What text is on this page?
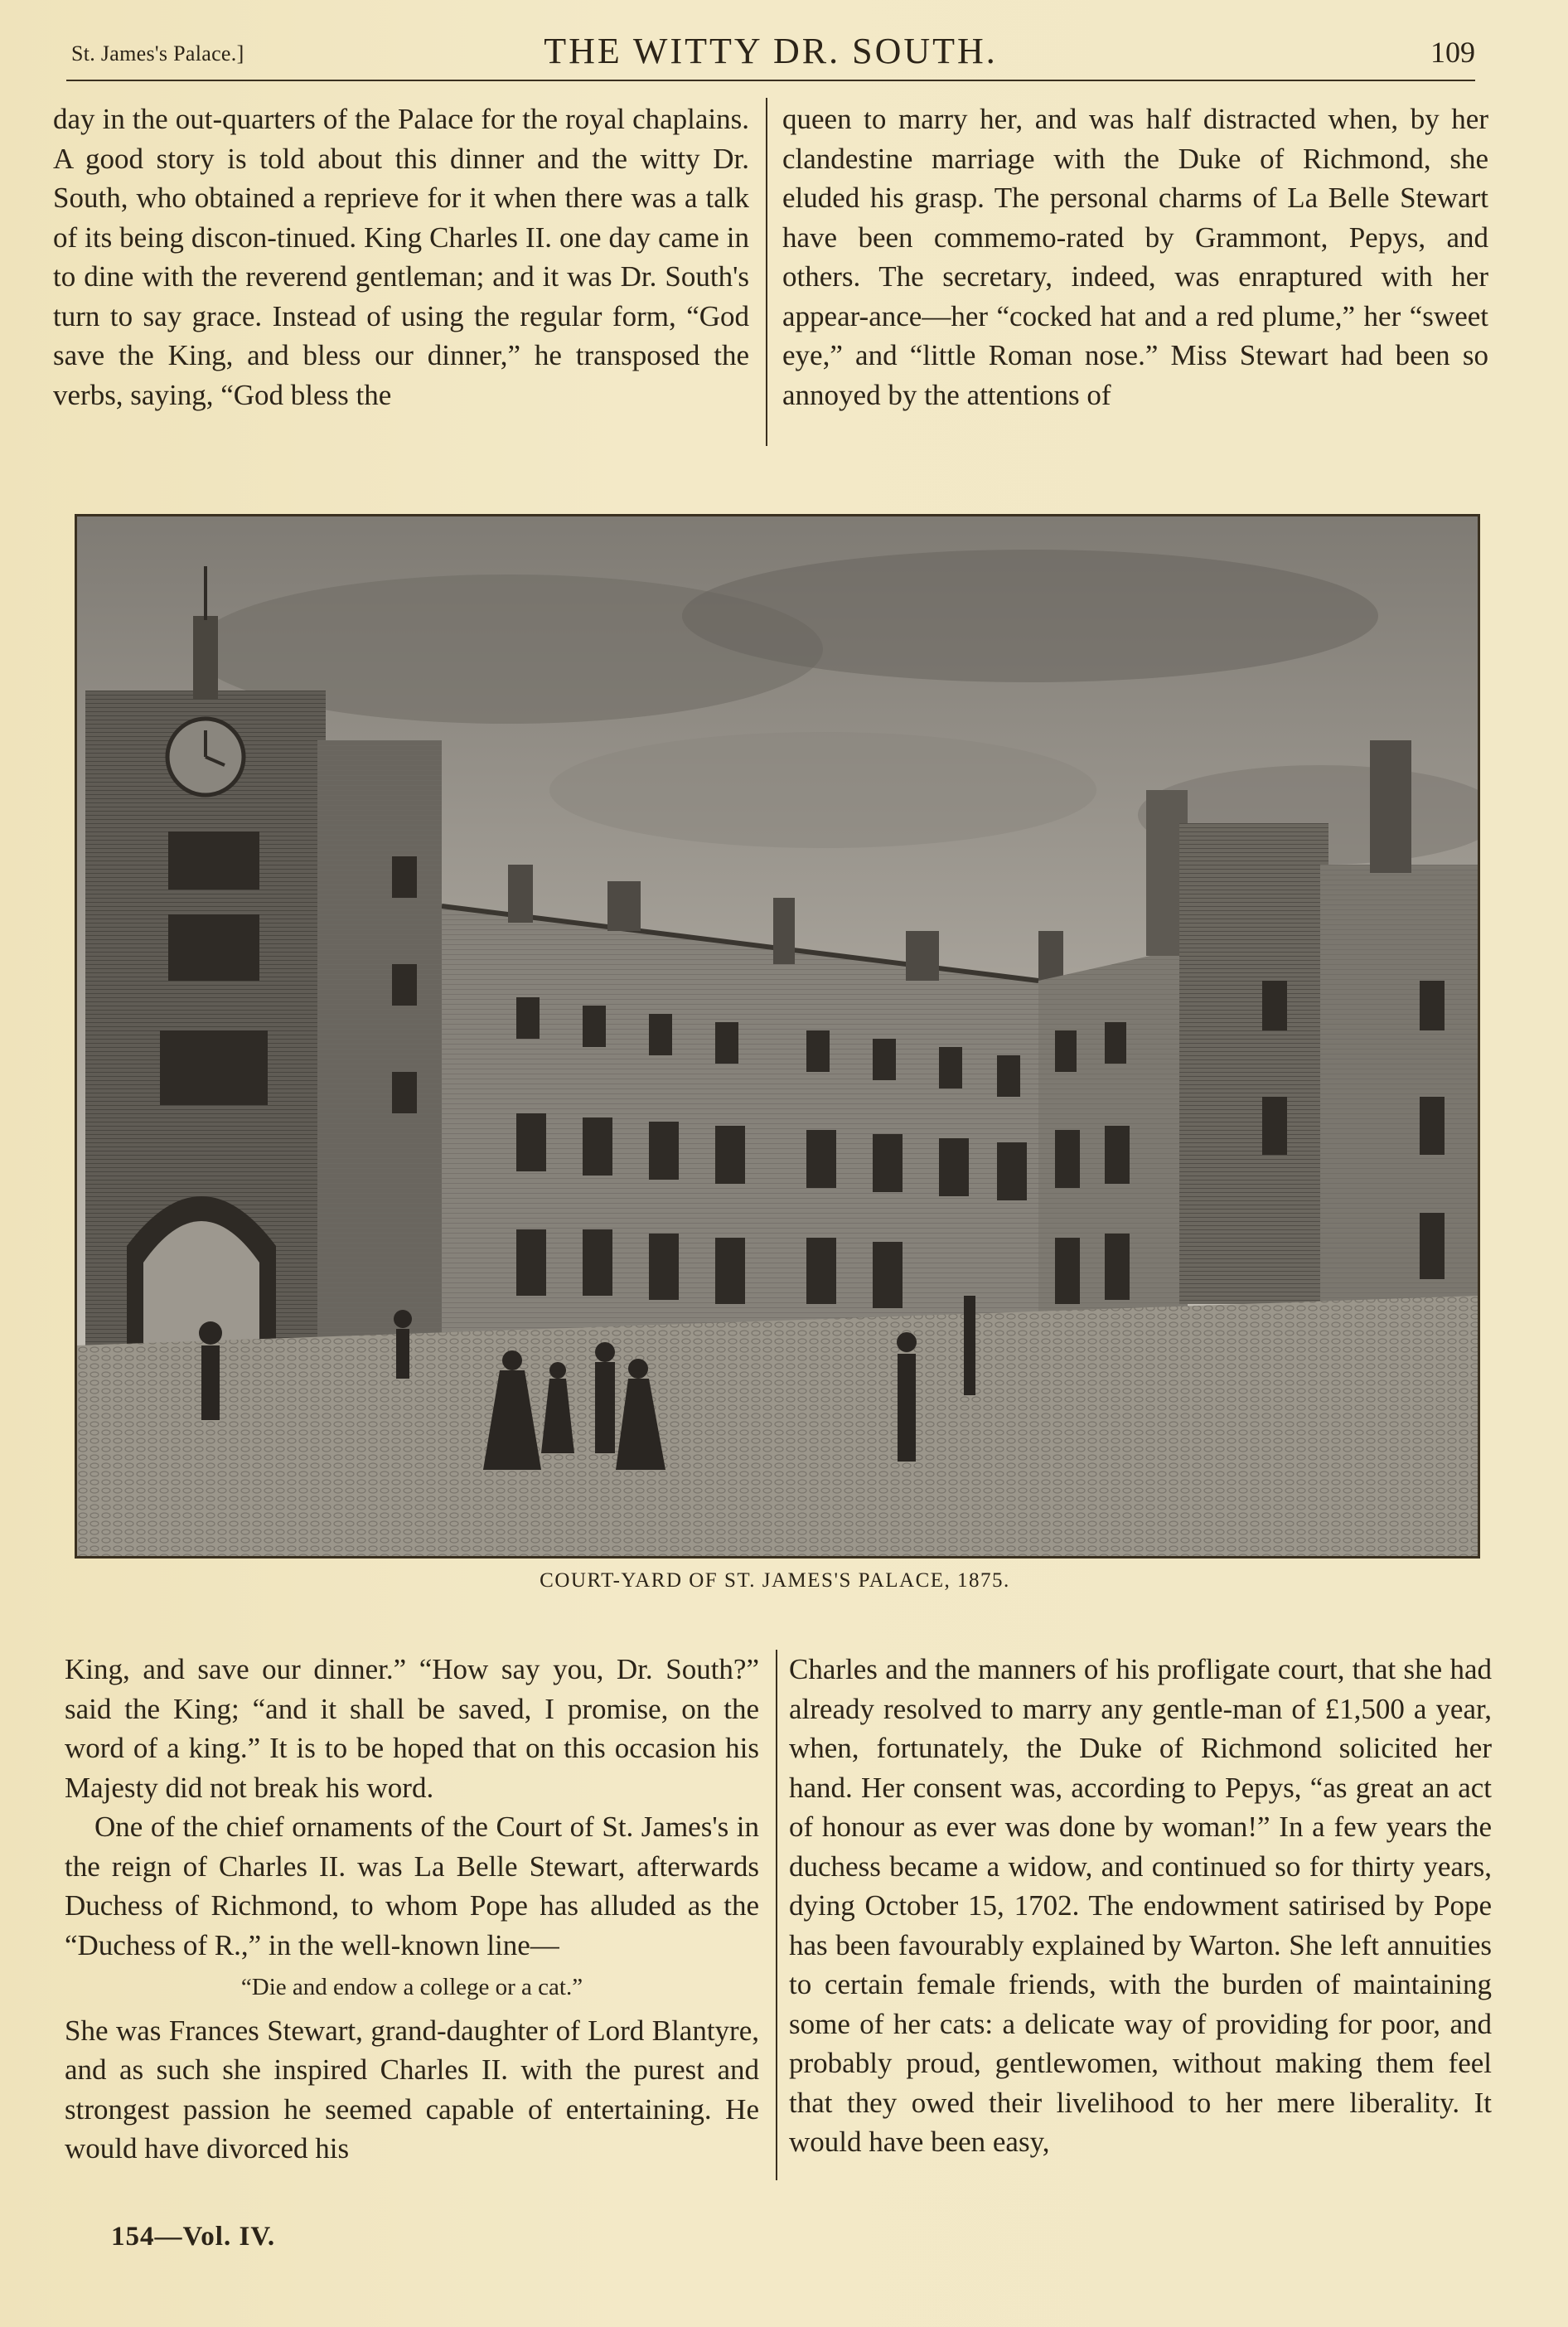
St. James's Palace.]	THE WITTY DR. SOUTH.	109

day in the out-quarters of the Palace for the royal chaplains. A good story is told about this dinner and the witty Dr. South, who obtained a reprieve for it when there was a talk of its being discon-tinued. King Charles II. one day came in to dine with the reverend gentleman; and it was Dr. South's turn to say grace. Instead of using the regular form, “God save the King, and bless our dinner,” he transposed the verbs, saying, “God bless the

queen to marry her, and was half distracted when, by her clandestine marriage with the Duke of Richmond, she eluded his grasp. The personal charms of La Belle Stewart have been commemo-rated by Grammont, Pepys, and others. The secretary, indeed, was enraptured with her appear-ance—her “cocked hat and a red plume,” her “sweet eye,” and “little Roman nose.” Miss Stewart had been so annoyed by the attentions of

COURT-YARD OF ST. JAMES'S PALACE, 1875.

King, and save our dinner.” “How say you, Dr. South?” said the King; “and it shall be saved, I promise, on the word of a king.” It is to be hoped that on this occasion his Majesty did not break his word.

One of the chief ornaments of the Court of St. James's in the reign of Charles II. was La Belle Stewart, afterwards Duchess of Richmond, to whom Pope has alluded as the “Duchess of R.,” in the well-known line—

“Die and endow a college or a cat.”

She was Frances Stewart, grand-daughter of Lord Blantyre, and as such she inspired Charles II. with the purest and strongest passion he seemed capable of entertaining. He would have divorced his

Charles and the manners of his profligate court, that she had already resolved to marry any gentle-man of £1,500 a year, when, fortunately, the Duke of Richmond solicited her hand. Her consent was, according to Pepys, “as great an act of honour as ever was done by woman!” In a few years the duchess became a widow, and continued so for thirty years, dying October 15, 1702. The endowment satirised by Pope has been favourably explained by Warton. She left annuities to certain female friends, with the burden of maintaining some of her cats: a delicate way of providing for poor, and probably proud, gentlewomen, without making them feel that they owed their livelihood to her mere liberality. It would have been easy,

154—Vol. IV.
